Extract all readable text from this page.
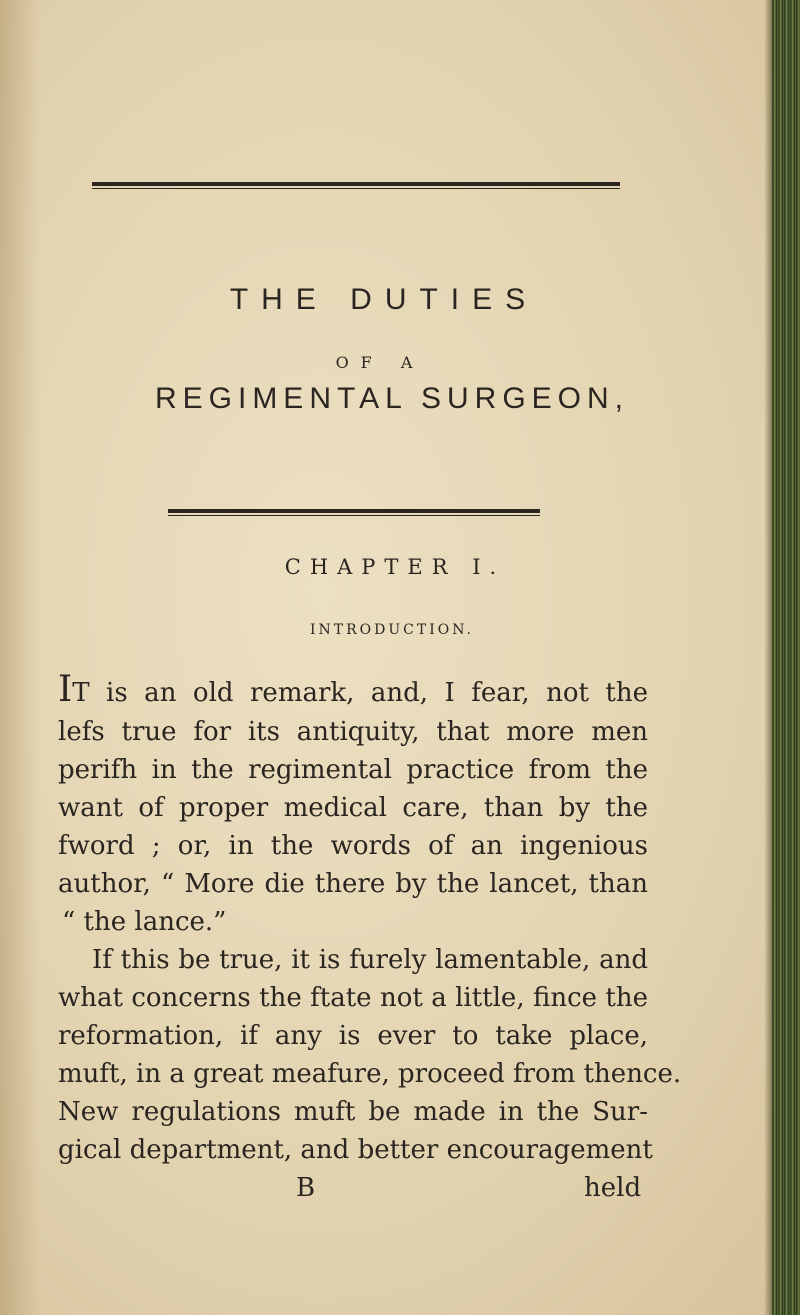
THE DUTIES
OF A
REGIMENTAL SURGEON,
CHAPTER I.
INTRODUCTION.
IT is an old remark, and, I fear, not the
lefs true for its antiquity, that more men
perifh in the regimental practice from the
want of proper medical care, than by the
fword ; or, in the words of an ingenious
author, “ More die there by the lancet, than
“ the lance.”
If this be true, it is furely lamentable, and
what concerns the ftate not a little, fince the
reformation, if any is ever to take place,
muft, in a great meafure, proceed from thence.
New regulations muft be made in the Sur-
gical department, and better encouragement
B	held
